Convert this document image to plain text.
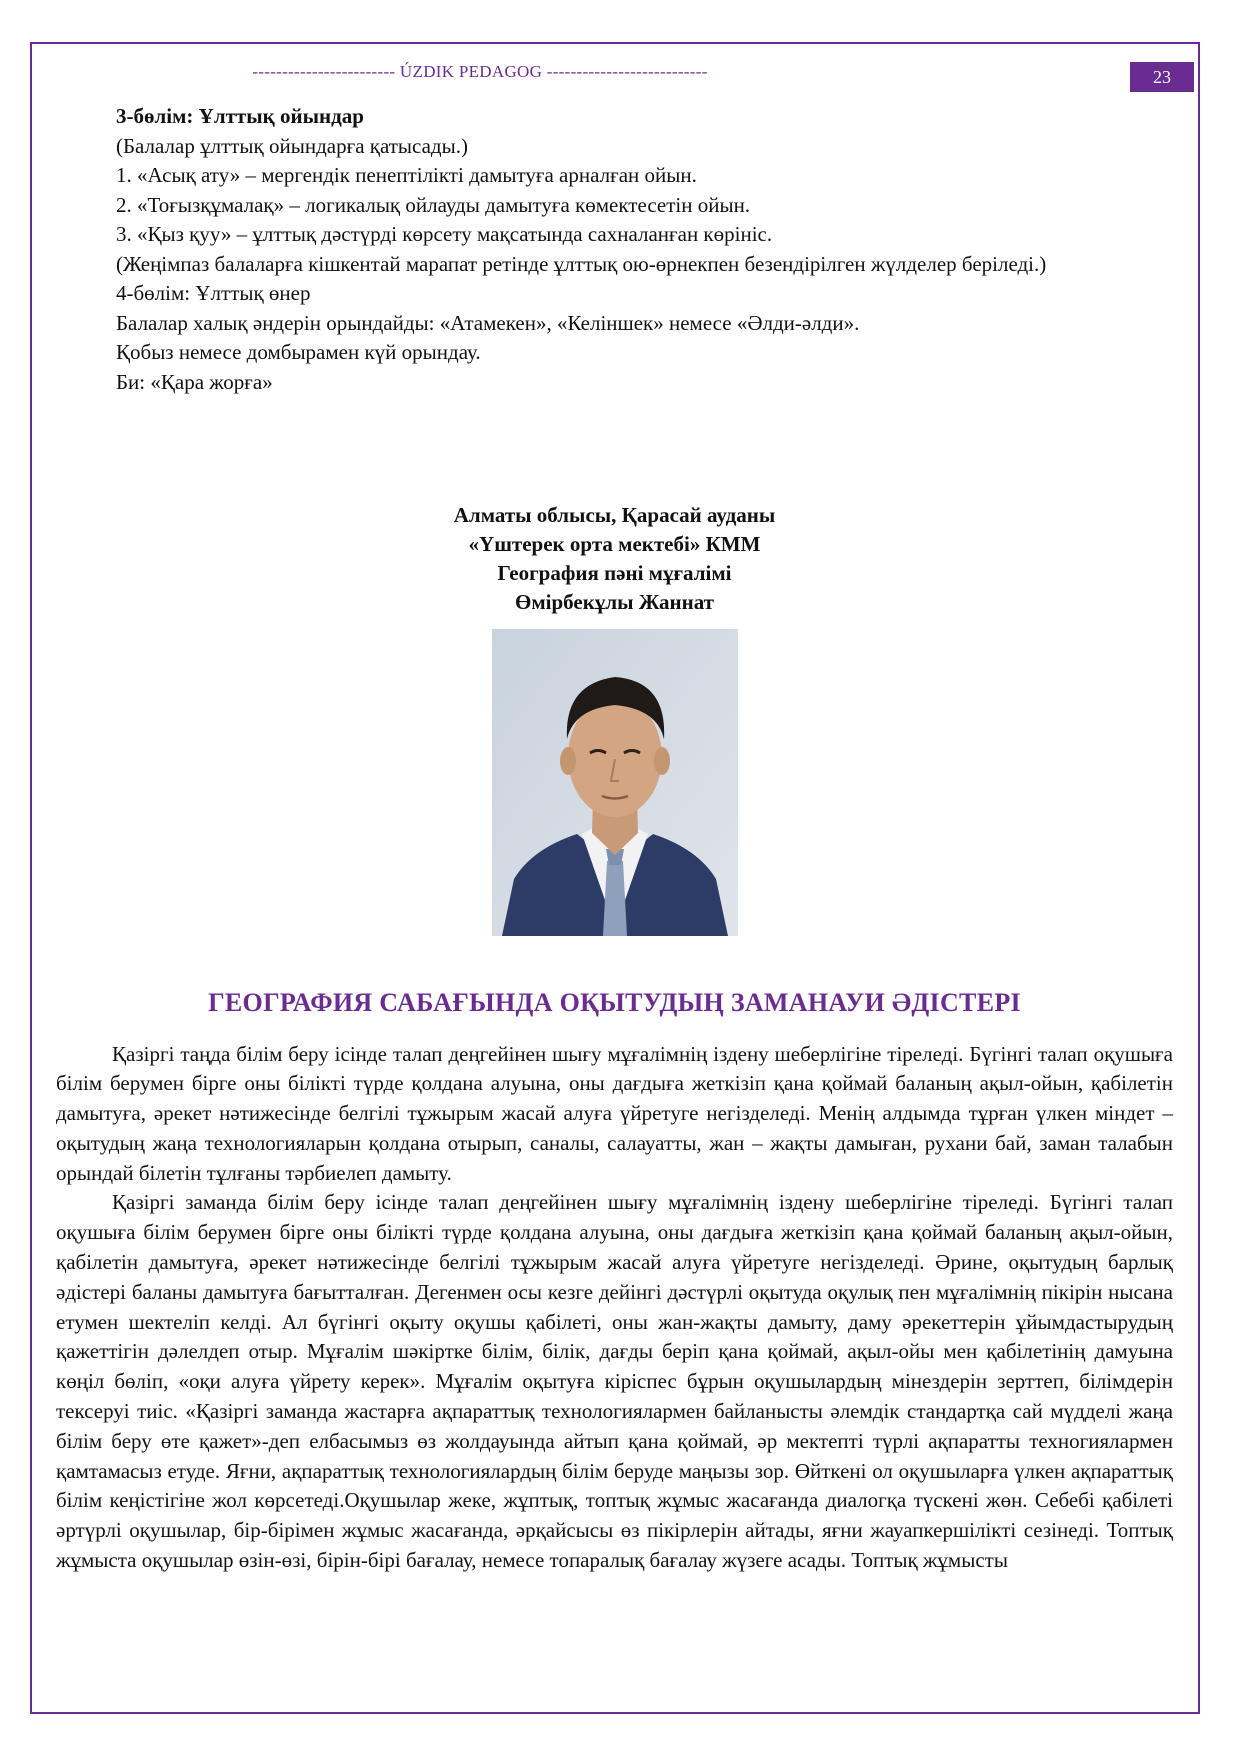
------------------------ ÚZDIK PEDAGOG ---------------------------	23

3-бөлім: Ұлттық ойындар

(Балалар ұлттық ойындарға қатысады.)

1. «Асық ату» – мергендік пенептілікті дамытуға арналған ойын.

2. «Тоғызқұмалақ» – логикалық ойлауды дамытуға көмектесетін ойын.

3. «Қыз қуу» – ұлттық дәстүрді көрсету мақсатында сахналанған көрініс.

(Жеңімпаз балаларға кішкентай марапат ретінде ұлттық ою-өрнекпен безендірілген жүлделер беріледі.)

4-бөлім: Ұлттық өнер

Балалар халық әндерін орындайды: «Атамекен», «Келіншек» немесе «Әлди-әлди».

Қобыз немесе домбырамен күй орындау.

Би: «Қара жорға»

Алматы облысы, Қарасай ауданы
«Үштерек орта мектебі» КММ
География пәні мұғалімі
Өмірбекұлы Жаннат
ГЕОГРАФИЯ САБАҒЫНДА ОҚЫТУДЫҢ ЗАМАНАУИ ӘДІСТЕРІ

Қазіргі таңда білім беру ісінде талап деңгейінен шығу мұғалімнің іздену шеберлігіне тіреледі. Бүгінгі талап оқушыға білім берумен бірге оны білікті түрде қолдана алуына, оны дағдыға жеткізіп қана қоймай баланың ақыл-ойын, қабілетін дамытуға, әрекет нәтижесінде белгілі тұжырым жасай алуға үйретуге негізделеді. Менің алдымда тұрған үлкен міндет – оқытудың жаңа технологияларын қолдана отырып, саналы, салауатты, жан – жақты дамыған, рухани бай, заман талабын орындай білетін тұлғаны тәрбиелеп дамыту.

Қазіргі заманда білім беру ісінде талап деңгейінен шығу мұғалімнің іздену шеберлігіне тіреледі. Бүгінгі талап оқушыға білім берумен бірге оны білікті түрде қолдана алуына, оны дағдыға жеткізіп қана қоймай баланың ақыл-ойын, қабілетін дамытуға, әрекет нәтижесінде белгілі тұжырым жасай алуға үйретуге негізделеді. Әрине, оқытудың барлық әдістері баланы дамытуға бағытталған. Дегенмен осы кезге дейінгі дәстүрлі оқытуда оқулық пен мұғалімнің пікірін нысана етумен шектеліп келді. Ал бүгінгі оқыту оқушы қабілеті, оны жан-жақты дамыту, даму әрекеттерін ұйымдастырудың қажеттігін дәлелдеп отыр. Мұғалім шәкіртке білім, білік, дағды беріп қана қоймай, ақыл-ойы мен қабілетінің дамуына көңіл бөліп, «оқи алуға үйрету керек». Мұғалім оқытуға кіріспес бұрын оқушылардың мінездерін зерттеп, білімдерін тексеруі тиіс. «Қазіргі заманда жастарға ақпараттық технологиялармен байланысты әлемдік стандартқа сай мүдделі жаңа білім беру өте қажет»-деп елбасымыз өз жолдауында айтып қана қоймай, әр мектепті түрлі ақпаратты техногиялармен қамтамасыз етуде. Яғни, ақпараттық технологиялардың білім беруде маңызы зор. Өйткені ол оқушыларға үлкен ақпараттық білім кеңістігіне жол көрсетеді.Оқушылар жеке, жұптық, топтық жұмыс жасағанда диалогқа түскені жөн. Себебі қабілеті әртүрлі оқушылар, бір-бірімен жұмыс жасағанда, әрқайсысы өз пікірлерін айтады, яғни жауапкершілікті сезінеді. Топтық жұмыста оқушылар өзін-өзі, бірін-бірі бағалау, немесе топаралық бағалау жүзеге асады. Топтық жұмысты
